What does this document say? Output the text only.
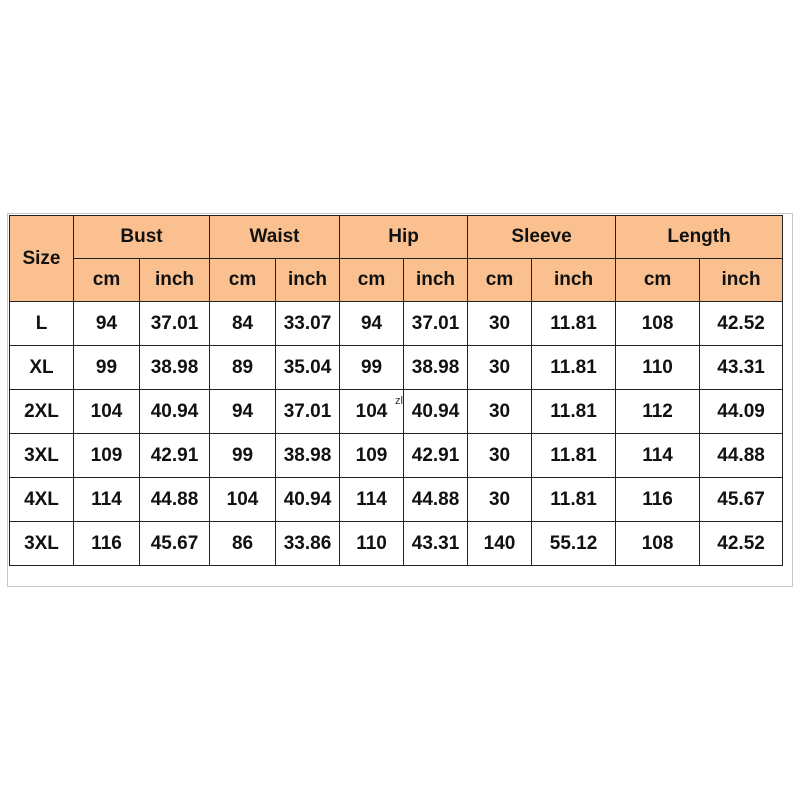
Size	Bust		Waist		Hip		Sleeve		Length	
	cm	inch	cm	inch	cm	inch	cm	inch	cm	inch
L	94	37.01	84	33.07	94	37.01	30	11.81	108	42.52
XL	99	38.98	89	35.04	99	38.98	30	11.81	110	43.31
2XL	104	40.94	94	37.01	104	40.94	30	11.81	112	44.09
3XL	109	42.91	99	38.98	109	42.91	30	11.81	114	44.88
4XL	114	44.88	104	40.94	114	44.88	30	11.81	116	45.67
3XL	116	45.67	86	33.86	110	43.31	140	55.12	108	42.52
zl
